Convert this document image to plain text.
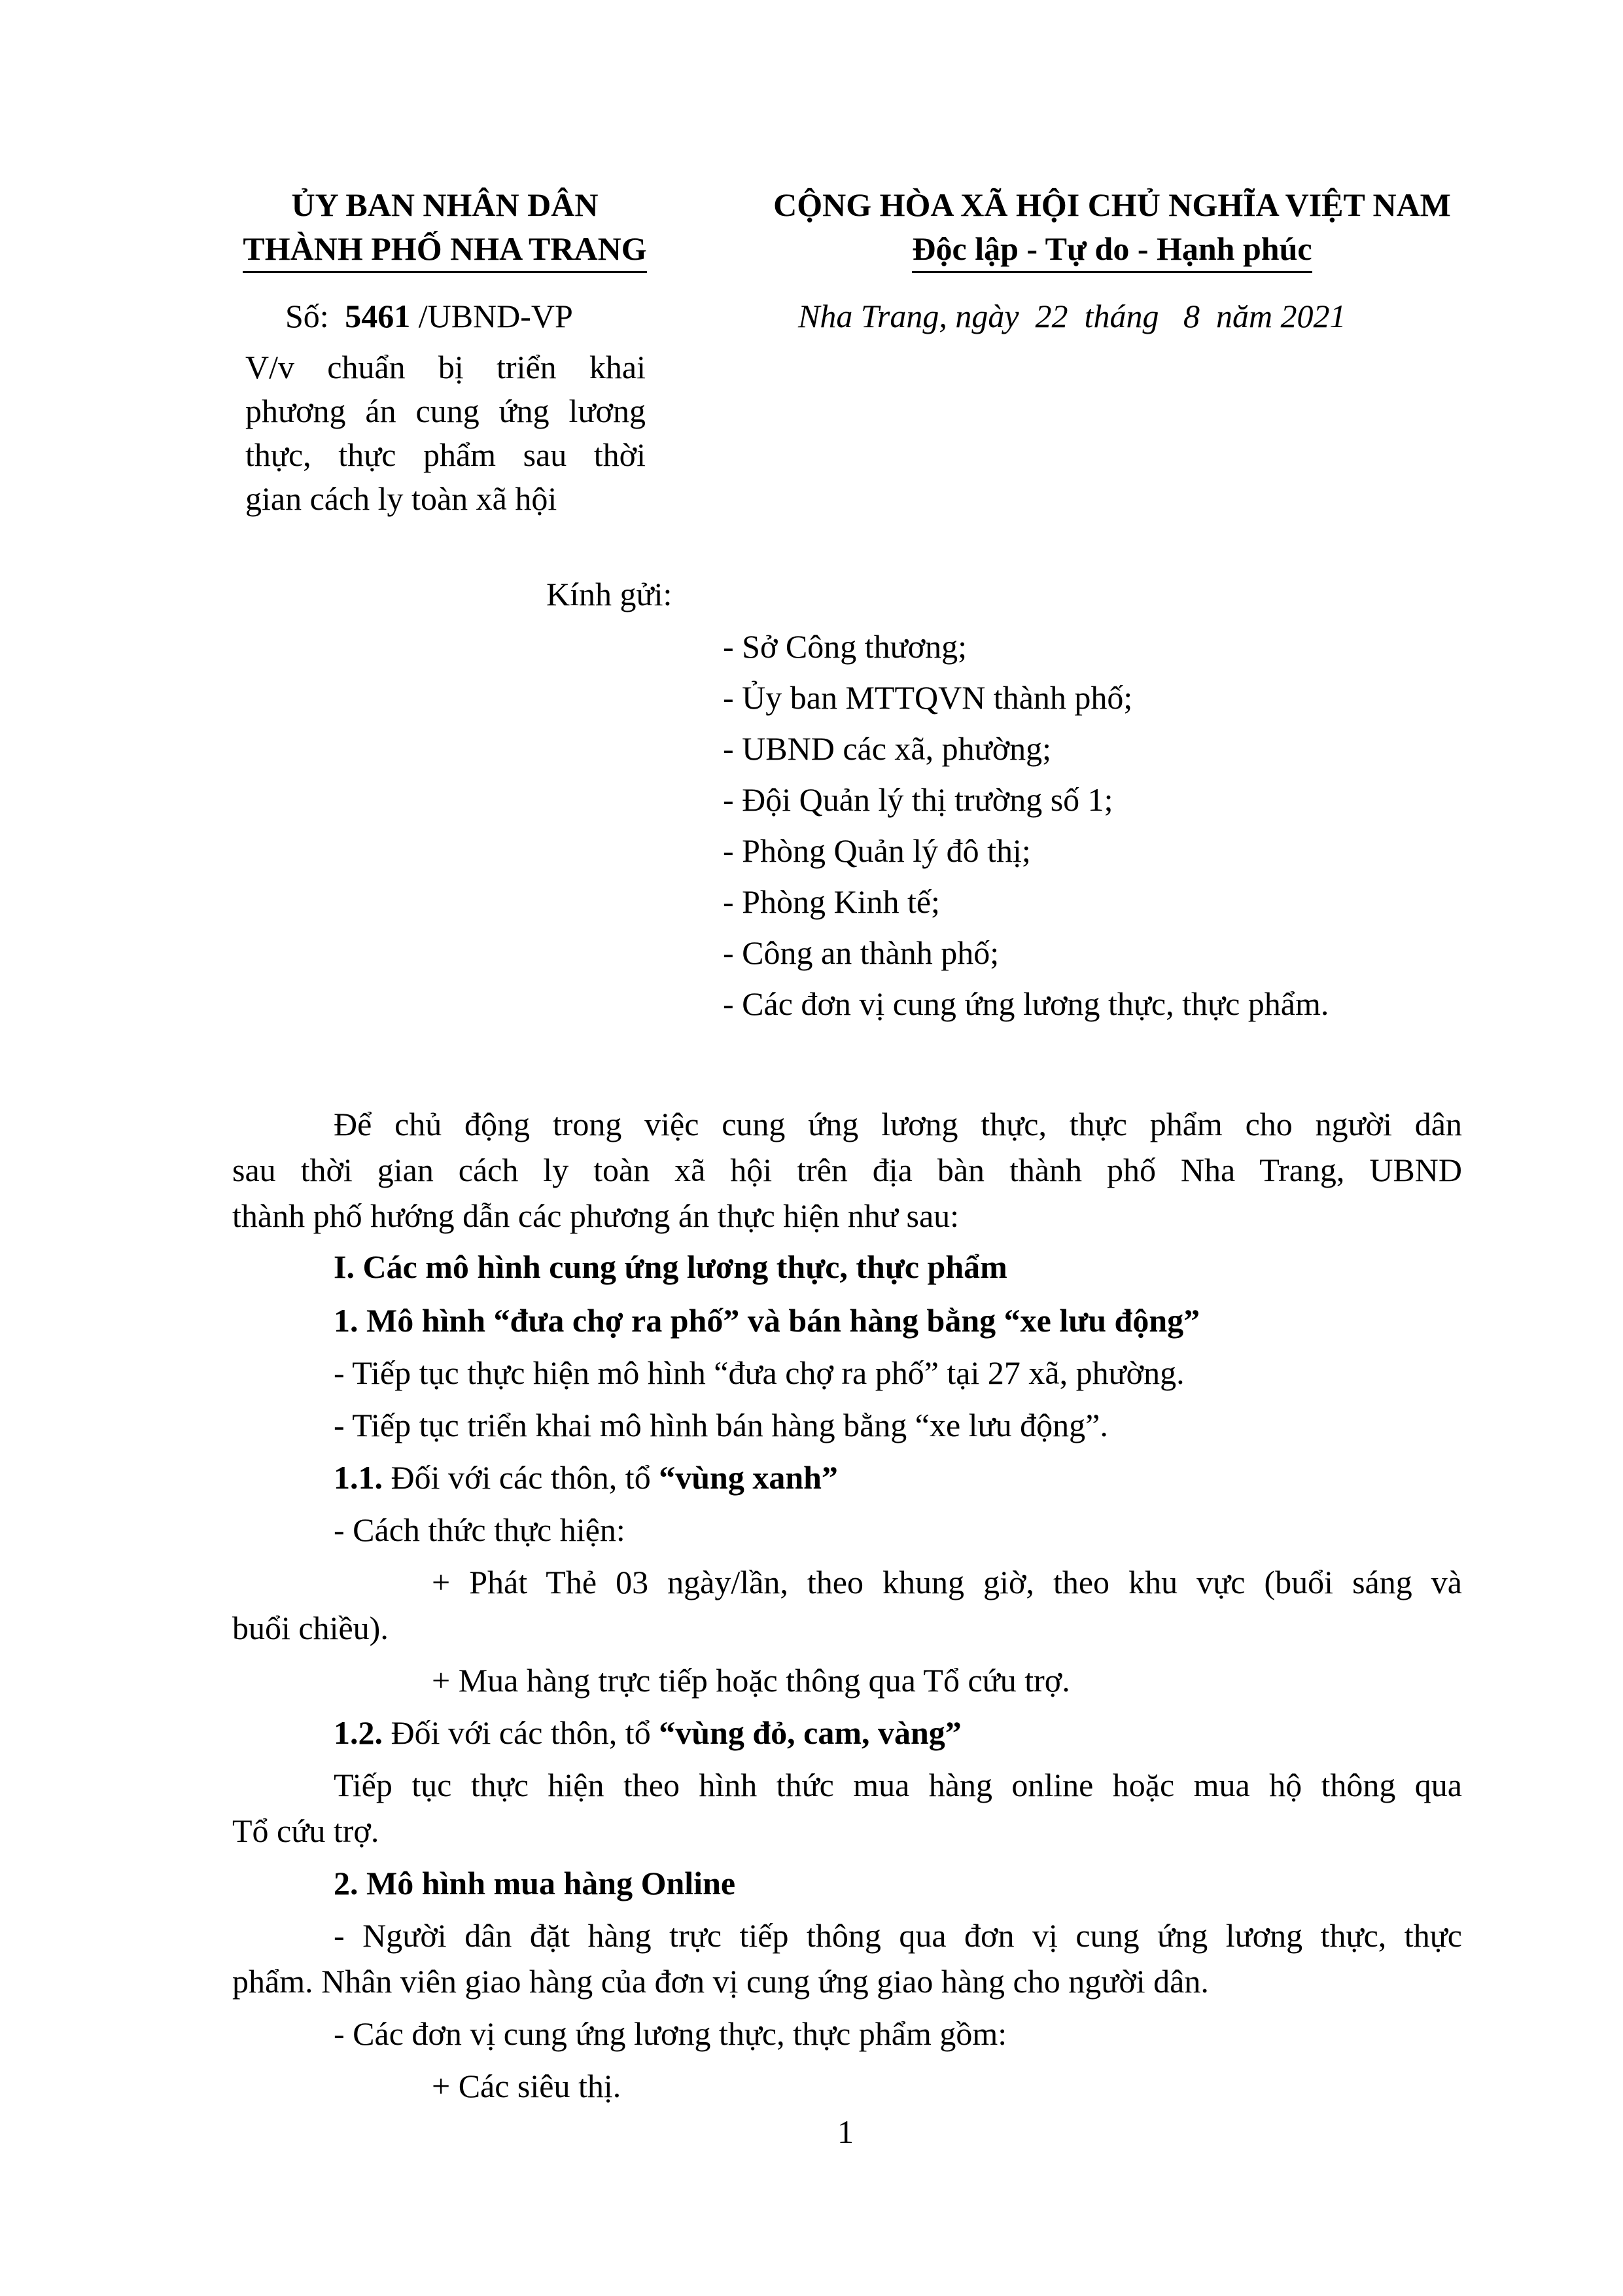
ỦY BAN NHÂN DÂN
THÀNH PHỐ NHA TRANG
CỘNG HÒA XÃ HỘI CHỦ NGHĨA VIỆT NAM
Độc lập - Tự do - Hạnh phúc
Số: 5461 /UBND-VP	Nha Trang, ngày  22  tháng   8  năm 2021
V/v chuẩn bị triển khai
phương án cung ứng lương
thực, thực phẩm sau thời
gian cách ly toàn xã hội
Kính gửi:
- Sở Công thương;
- Ủy ban MTTQVN thành phố;
- UBND các xã, phường;
- Đội Quản lý thị trường số 1;
- Phòng Quản lý đô thị;
- Phòng Kinh tế;
- Công an thành phố;
- Các đơn vị cung ứng lương thực, thực phẩm.
Để chủ động trong việc cung ứng lương thực, thực phẩm cho người dân
sau thời gian cách ly toàn xã hội trên địa bàn thành phố Nha Trang, UBND
thành phố hướng dẫn các phương án thực hiện như sau:
I. Các mô hình cung ứng lương thực, thực phẩm
1. Mô hình “đưa chợ ra phố” và bán hàng bằng “xe lưu động”
- Tiếp tục thực hiện mô hình “đưa chợ ra phố” tại 27 xã, phường.
- Tiếp tục triển khai mô hình bán hàng bằng “xe lưu động”.
1.1. Đối với các thôn, tổ “vùng xanh”
- Cách thức thực hiện:
+ Phát Thẻ 03 ngày/lần, theo khung giờ, theo khu vực (buổi sáng và
buổi chiều).
+ Mua hàng trực tiếp hoặc thông qua Tổ cứu trợ.
1.2. Đối với các thôn, tổ “vùng đỏ, cam, vàng”
Tiếp tục thực hiện theo hình thức mua hàng online hoặc mua hộ thông qua
Tổ cứu trợ.
2. Mô hình mua hàng Online
- Người dân đặt hàng trực tiếp thông qua đơn vị cung ứng lương thực, thực
phẩm. Nhân viên giao hàng của đơn vị cung ứng giao hàng cho người dân.
- Các đơn vị cung ứng lương thực, thực phẩm gồm:
+ Các siêu thị.
1
